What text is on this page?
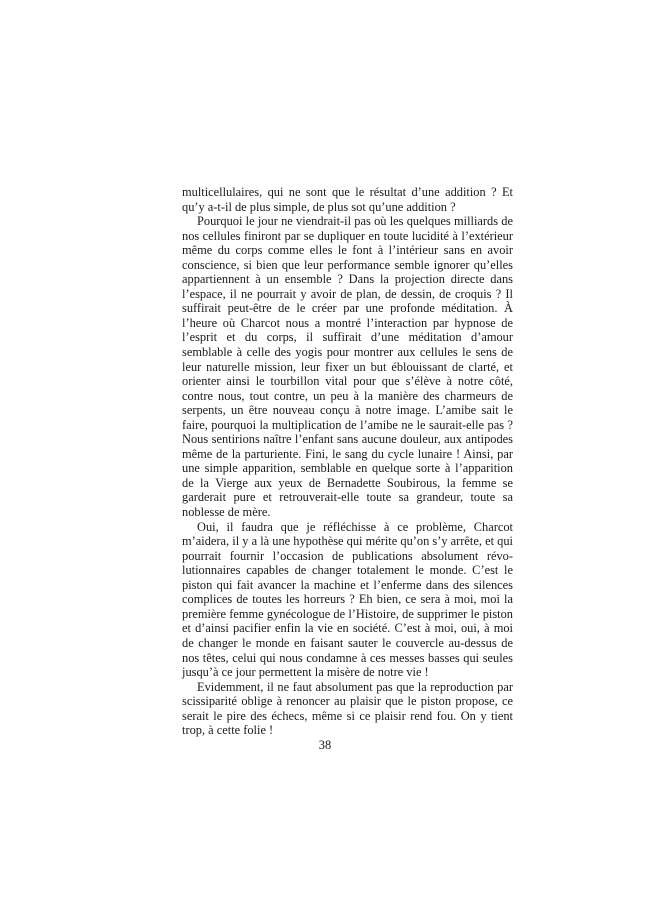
multicellulaires, qui ne sont que le résultat d’une addition ? Et qu’y a-t-il de plus simple, de plus sot qu’une addition ?

Pourquoi le jour ne viendrait-il pas où les quelques milliards de nos cellules finiront par se dupliquer en toute lucidité à l’extérieur même du corps comme elles le font à l’intérieur sans en avoir conscience, si bien que leur performance semble ignorer qu’elles appartiennent à un ensemble ? Dans la projection directe dans l’espace, il ne pourrait y avoir de plan, de dessin, de croquis ? Il suffirait peut-être de le créer par une profonde méditation. À l’heure où Charcot nous a montré l’interaction par hypnose de l’esprit et du corps, il suffirait d’une méditation d’amour semblable à celle des yogis pour montrer aux cellules le sens de leur naturelle mission, leur fixer un but éblouissant de clarté, et orienter ainsi le tourbillon vital pour que s’élève à notre côté, contre nous, tout contre, un peu à la manière des charmeurs de serpents, un être nouveau conçu à notre image. L’amibe sait le faire, pourquoi la multiplication de l’amibe ne le saurait-elle pas ? Nous sentirions naître l’enfant sans aucune douleur, aux antipodes même de la parturiente. Fini, le sang du cycle lunaire ! Ainsi, par une simple apparition, semblable en quelque sorte à l’apparition de la Vierge aux yeux de Bernadette Soubirous, la femme se garderait pure et retrouverait-elle toute sa grandeur, toute sa noblesse de mère.

Oui, il faudra que je réfléchisse à ce problème, Charcot m’aidera, il y a là une hypothèse qui mérite qu’on s’y arrête, et qui pourrait fournir l’occasion de publications absolument révolutionnaires capables de changer totalement le monde. C’est le piston qui fait avancer la machine et l’enferme dans des silences complices de toutes les horreurs ? Eh bien, ce sera à moi, moi la première femme gynécologue de l’Histoire, de supprimer le piston et d’ainsi pacifier enfin la vie en société. C’est à moi, oui, à moi de changer le monde en faisant sauter le couvercle au-dessus de nos têtes, celui qui nous condamne à ces messes basses qui seules jusqu’à ce jour permettent la misère de notre vie !

Evidemment, il ne faut absolument pas que la reproduction par scissiparité oblige à renoncer au plaisir que le piston propose, ce serait le pire des échecs, même si ce plaisir rend fou. On y tient trop, à cette folie !

38
